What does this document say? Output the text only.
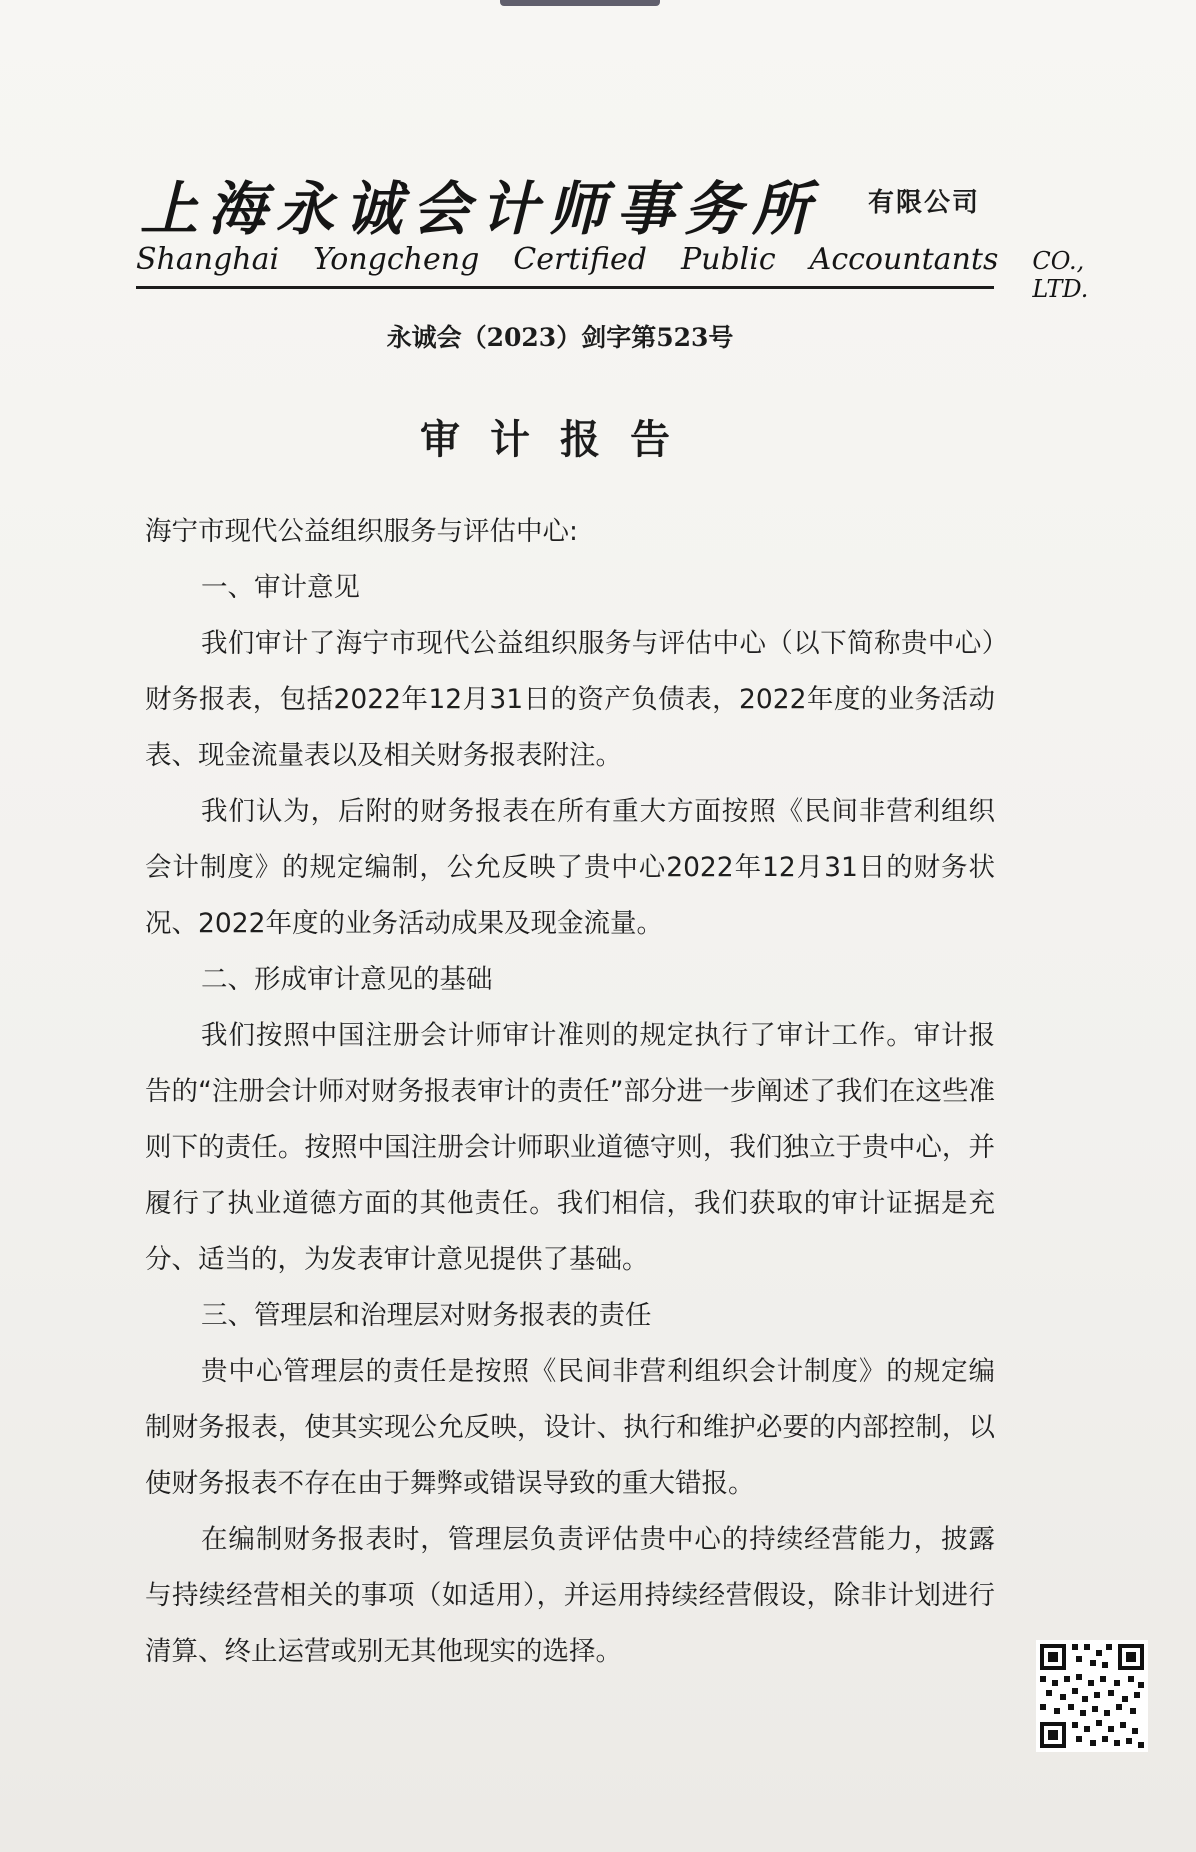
上海永诚会计师事务所 有限公司
Shanghai Yongcheng Certified Public Accountants CO., LTD.
永诚会（2023）剑字第523号
审计报告

海宁市现代公益组织服务与评估中心:

一、审计意见

我们审计了海宁市现代公益组织服务与评估中心（以下简称贵中心）财务报表，包括2022年12月31日的资产负债表，2022年度的业务活动表、现金流量表以及相关财务报表附注。

我们认为，后附的财务报表在所有重大方面按照《民间非营利组织会计制度》的规定编制，公允反映了贵中心2022年12月31日的财务状况、2022年度的业务活动成果及现金流量。

二、形成审计意见的基础

我们按照中国注册会计师审计准则的规定执行了审计工作。审计报告的“注册会计师对财务报表审计的责任”部分进一步阐述了我们在这些准则下的责任。按照中国注册会计师职业道德守则，我们独立于贵中心，并履行了执业道德方面的其他责任。我们相信，我们获取的审计证据是充分、适当的，为发表审计意见提供了基础。

三、管理层和治理层对财务报表的责任

贵中心管理层的责任是按照《民间非营利组织会计制度》的规定编制财务报表，使其实现公允反映，设计、执行和维护必要的内部控制，以使财务报表不存在由于舞弊或错误导致的重大错报。

在编制财务报表时，管理层负责评估贵中心的持续经营能力，披露与持续经营相关的事项（如适用），并运用持续经营假设，除非计划进行清算、终止运营或别无其他现实的选择。
